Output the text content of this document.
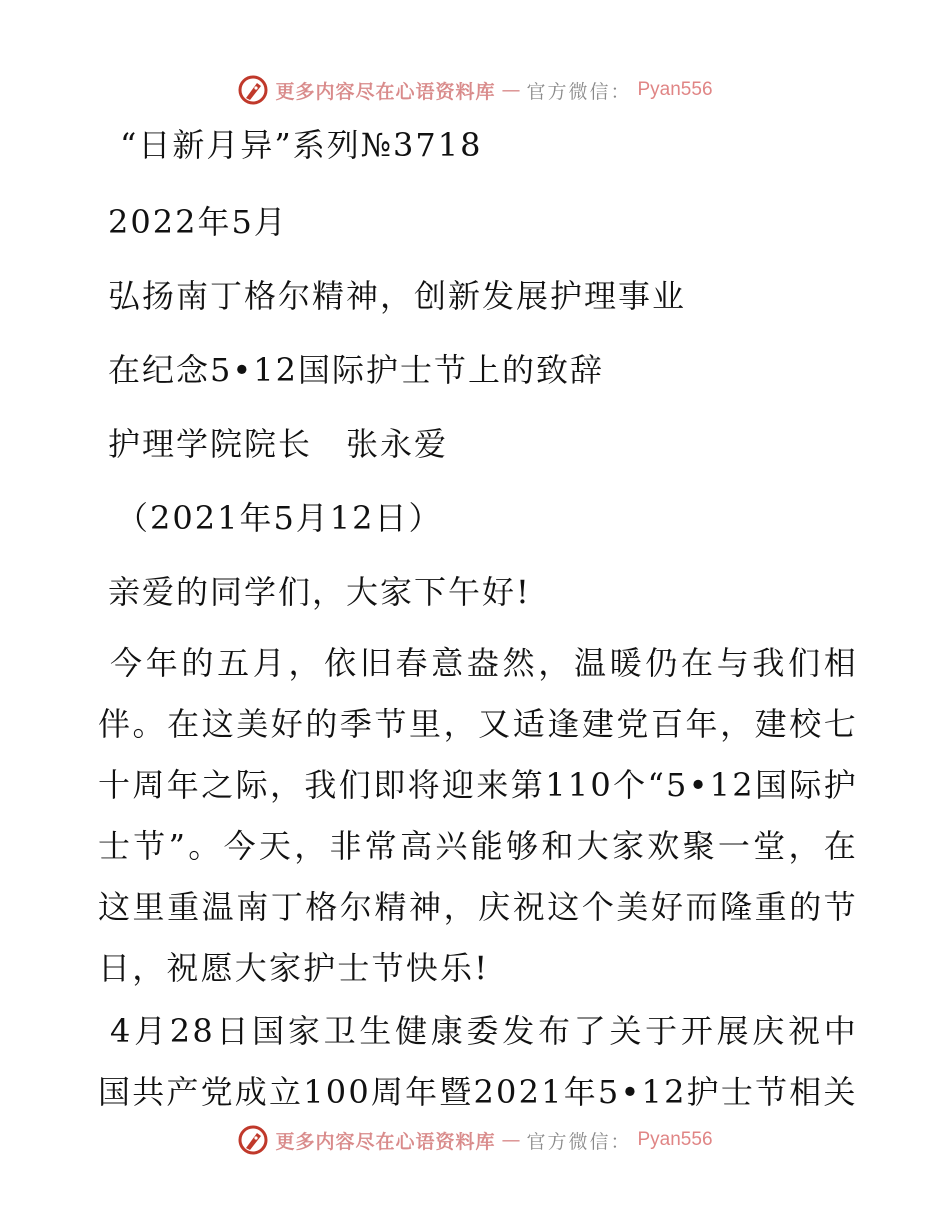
更多内容尽在心语资料库 — 官方微信： Pyan556
“日新月异”系列№3718
2022年5月
弘扬南丁格尔精神，创新发展护理事业
在纪念5•12国际护士节上的致辞
护理学院院长　张永爱
（2021年5月12日）
亲爱的同学们，大家下午好!
今年的五月，依旧春意盎然，温暖仍在与我们相伴。在这美好的季节里，又适逢建党百年，建校七十周年之际，我们即将迎来第110个“5•12国际护士节”。今天，非常高兴能够和大家欢聚一堂，在这里重温南丁格尔精神，庆祝这个美好而隆重的节日，祝愿大家护士节快乐!
4月28日国家卫生健康委发布了关于开展庆祝中国共产党成立100周年暨2021年5•12护士节相关
更多内容尽在心语资料库 — 官方微信： Pyan556
